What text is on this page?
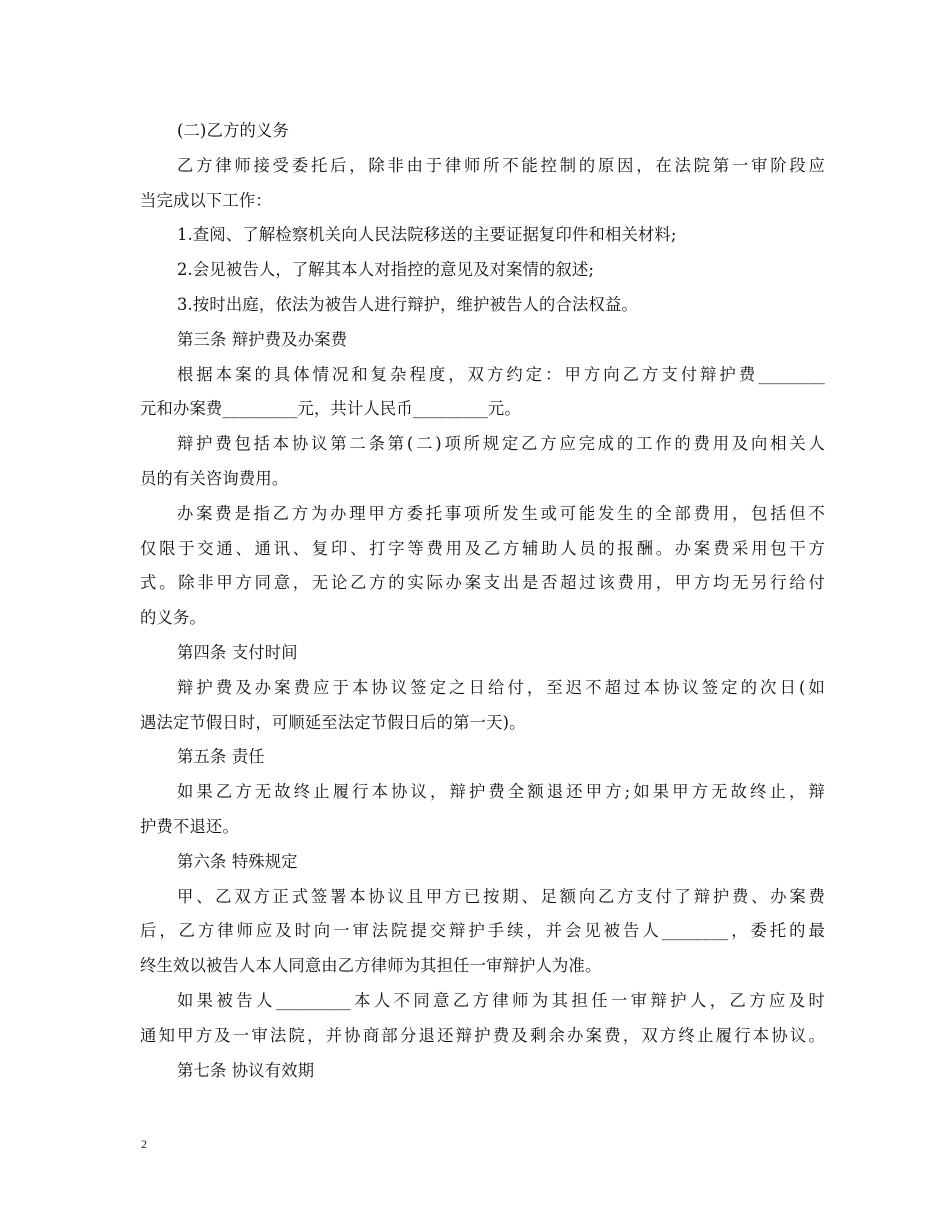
(二)乙方的义务
乙方律师接受委托后，除非由于律师所不能控制的原因，在法院第一审阶段应
当完成以下工作：
1.查阅、了解检察机关向人民法院移送的主要证据复印件和相关材料;
2.会见被告人，了解其本人对指控的意见及对案情的叙述;
3.按时出庭，依法为被告人进行辩护，维护被告人的合法权益。
第三条 辩护费及办案费
根据本案的具体情况和复杂程度，双方约定：甲方向乙方支付辩护费________
元和办案费_________元，共计人民币_________元。
辩护费包括本协议第二条第(二)项所规定乙方应完成的工作的费用及向相关人
员的有关咨询费用。
办案费是指乙方为办理甲方委托事项所发生或可能发生的全部费用，包括但不
仅限于交通、通讯、复印、打字等费用及乙方辅助人员的报酬。办案费采用包干方
式。除非甲方同意，无论乙方的实际办案支出是否超过该费用，甲方均无另行给付
的义务。
第四条 支付时间
辩护费及办案费应于本协议签定之日给付，至迟不超过本协议签定的次日(如
遇法定节假日时，可顺延至法定节假日后的第一天)。
第五条 责任
如果乙方无故终止履行本协议，辩护费全额退还甲方;如果甲方无故终止，辩
护费不退还。
第六条 特殊规定
甲、乙双方正式签署本协议且甲方已按期、足额向乙方支付了辩护费、办案费
后，乙方律师应及时向一审法院提交辩护手续，并会见被告人________，委托的最
终生效以被告人本人同意由乙方律师为其担任一审辩护人为准。
如果被告人_________本人不同意乙方律师为其担任一审辩护人，乙方应及时
通知甲方及一审法院，并协商部分退还辩护费及剩余办案费，双方终止履行本协议。
第七条 协议有效期
2
